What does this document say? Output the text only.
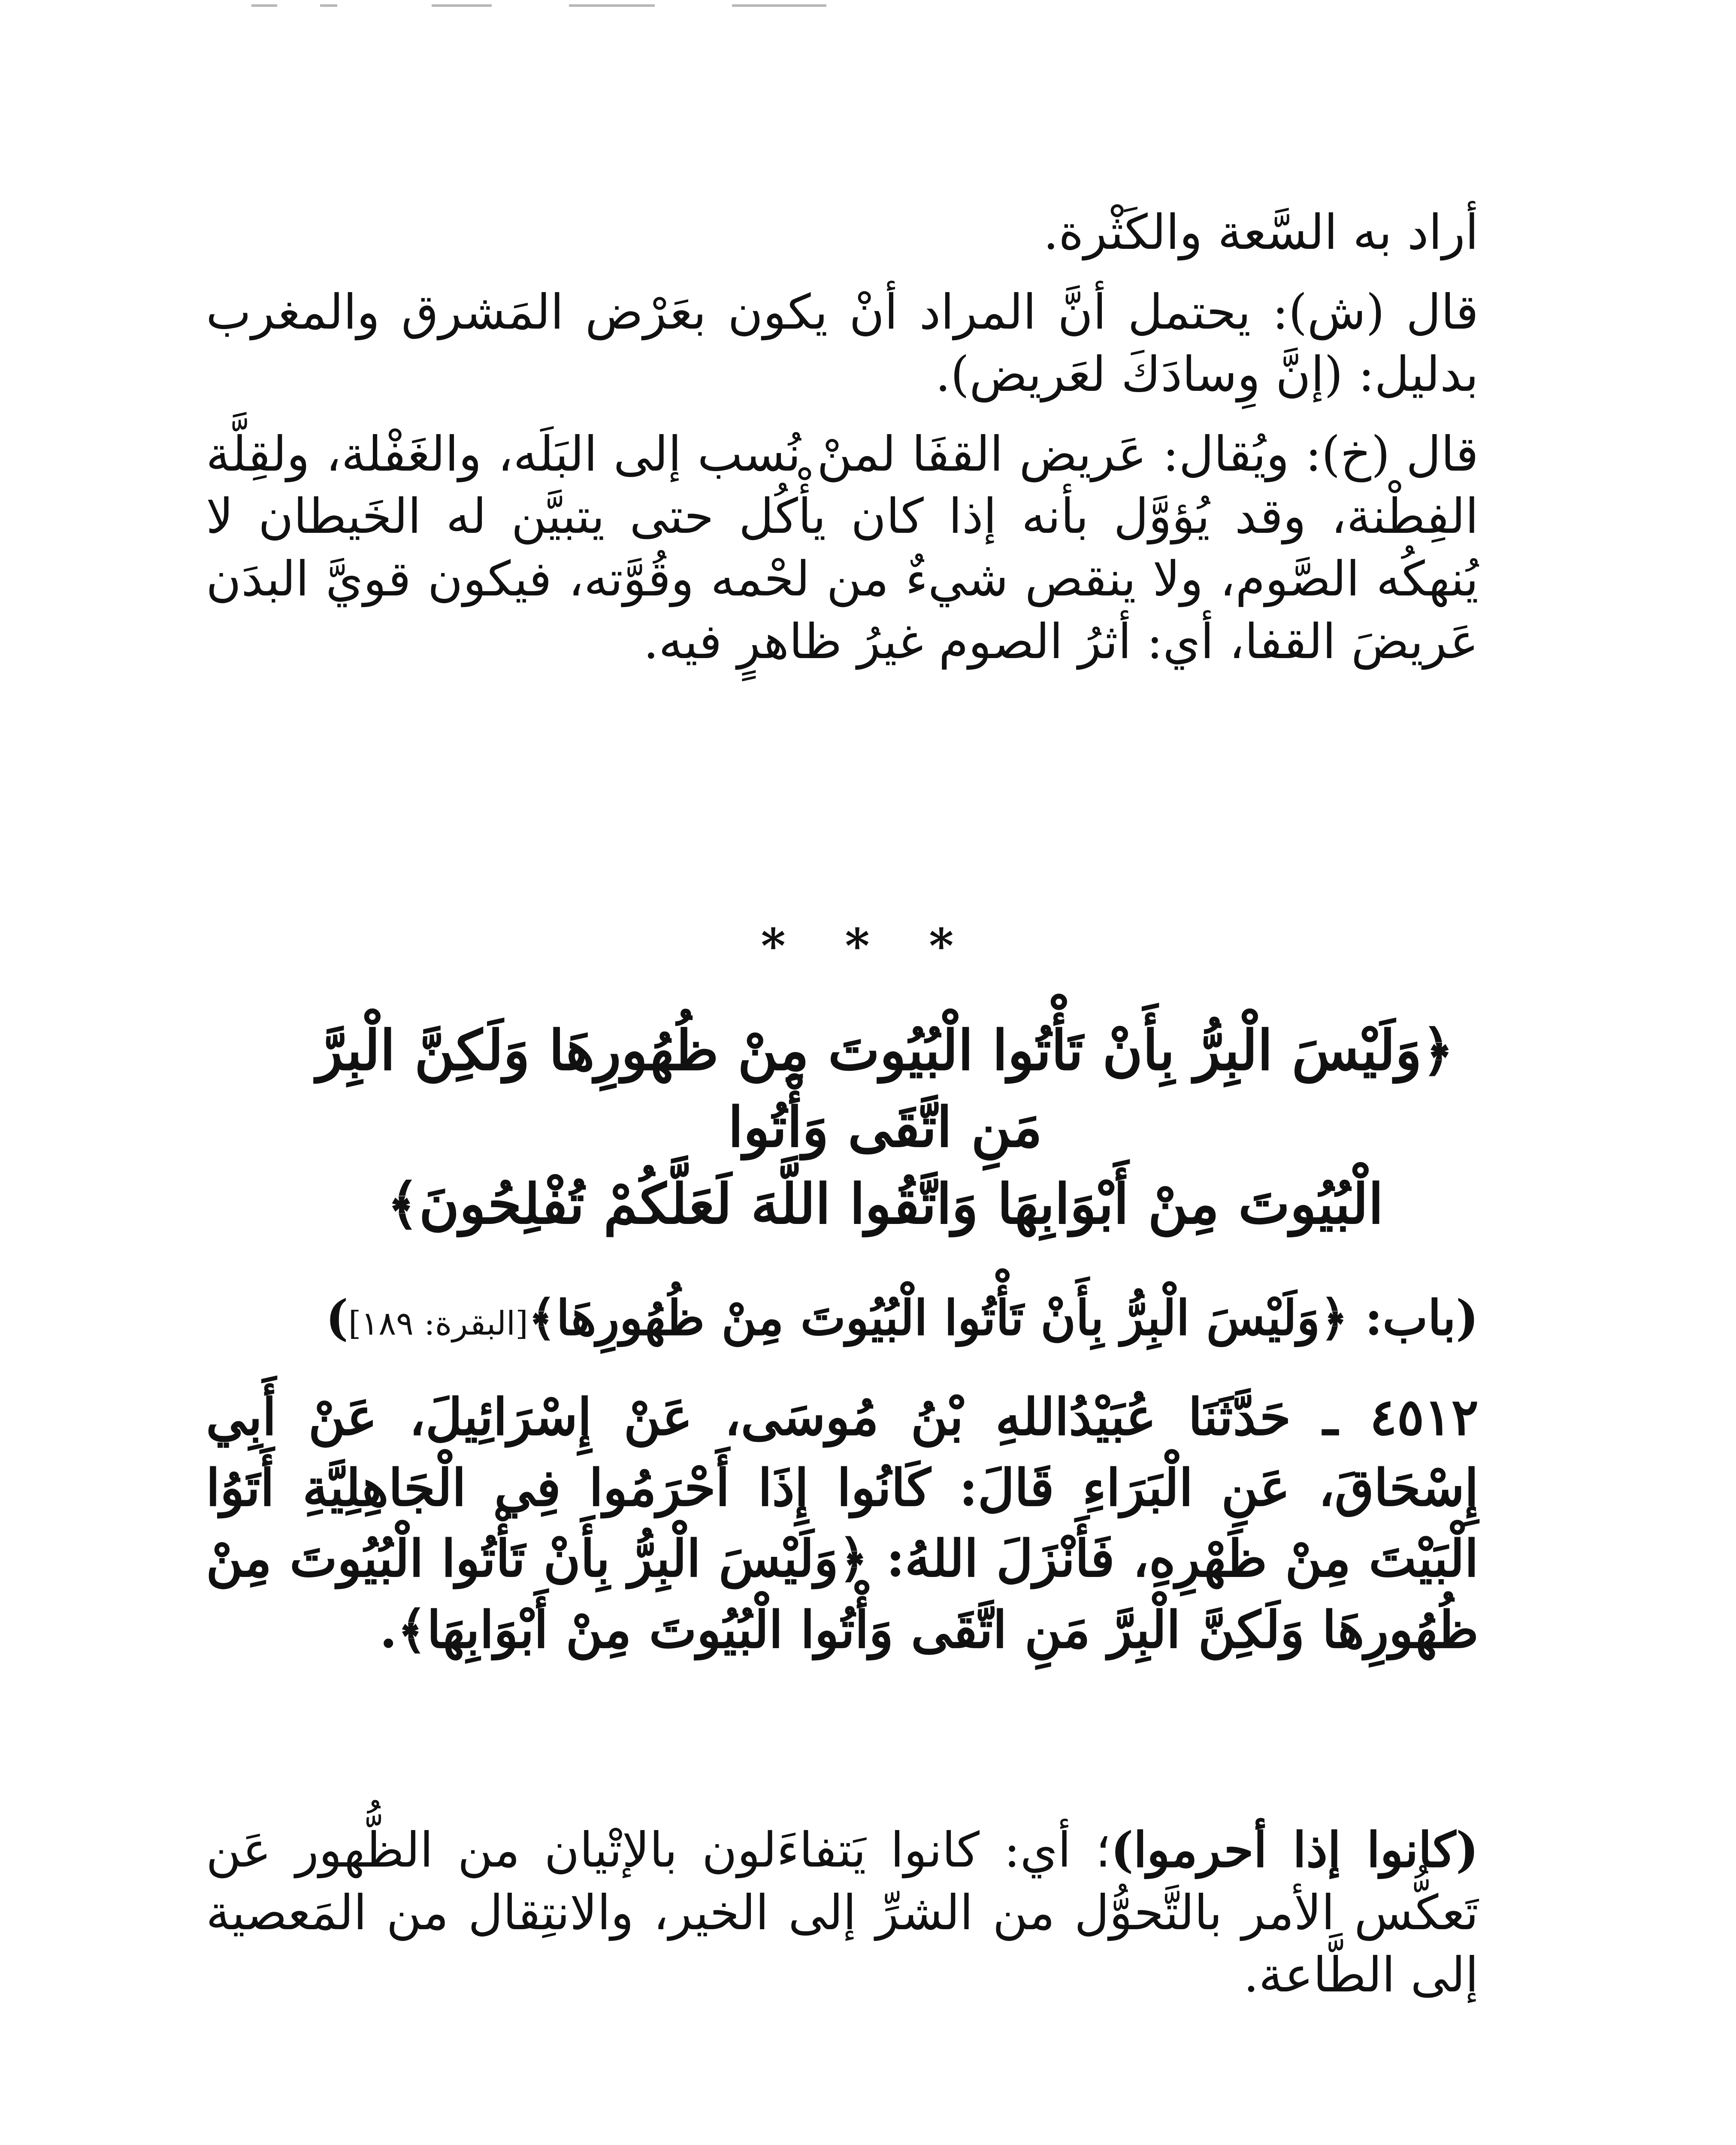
أراد به السَّعة والكَثْرة.

قال (ش): يحتمل أنَّ المراد أنْ يكون بعَرْض المَشرق والمغرب بدليل: (إنَّ وِسادَكَ لعَريض).

قال (خ): ويُقال: عَريض القفَا لمنْ نُسب إلى البَلَه، والغَفْلة، ولقِلَّة الفِطْنة، وقد يُؤوَّل بأنه إذا كان يأْكُل حتى يتبيَّن له الخَيطان لا يُنهكُه الصَّوم، ولا ينقص شيءٌ من لحْمه وقُوَّته، فيكون قويَّ البدَن عَريضَ القفا، أي: أثرُ الصوم غيرُ ظاهرٍ فيه.

* * *

﴿وَلَيْسَ الْبِرُّ بِأَنْ تَأْتُوا الْبُيُوتَ مِنْ ظُهُورِهَا وَلَكِنَّ الْبِرَّ مَنِ اتَّقَى وَأْتُوا

الْبُيُوتَ مِنْ أَبْوَابِهَا وَاتَّقُوا اللَّهَ لَعَلَّكُمْ تُفْلِحُونَ﴾

(باب: ﴿وَلَيْسَ الْبِرُّ بِأَنْ تَأْتُوا الْبُيُوتَ مِنْ ظُهُورِهَا﴾[البقرة: ١٨٩])

٤٥١٢ ـ حَدَّثَنَا عُبَيْدُاللهِ بْنُ مُوسَى، عَنْ إِسْرَائِيلَ، عَنْ أَبِي إِسْحَاقَ، عَنِ الْبَرَاءِ قَالَ: كَانُوا إِذَا أَحْرَمُوا فِي الْجَاهِلِيَّةِ أَتَوُا الْبَيْتَ مِنْ ظَهْرِهِ، فَأَنْزَلَ اللهُ: ﴿وَلَيْسَ الْبِرُّ بِأَنْ تَأْتُوا الْبُيُوتَ مِنْ ظُهُورِهَا وَلَكِنَّ الْبِرَّ مَنِ اتَّقَى وَأْتُوا الْبُيُوتَ مِنْ أَبْوَابِهَا﴾.

(كانوا إذا أحرموا)؛ أي: كانوا يَتفاءَلون بالإتْيان من الظُّهور عَن تَعكُّس الأمر بالتَّحوُّل من الشرِّ إلى الخير، والانتِقال من المَعصية إلى الطَّاعة.
